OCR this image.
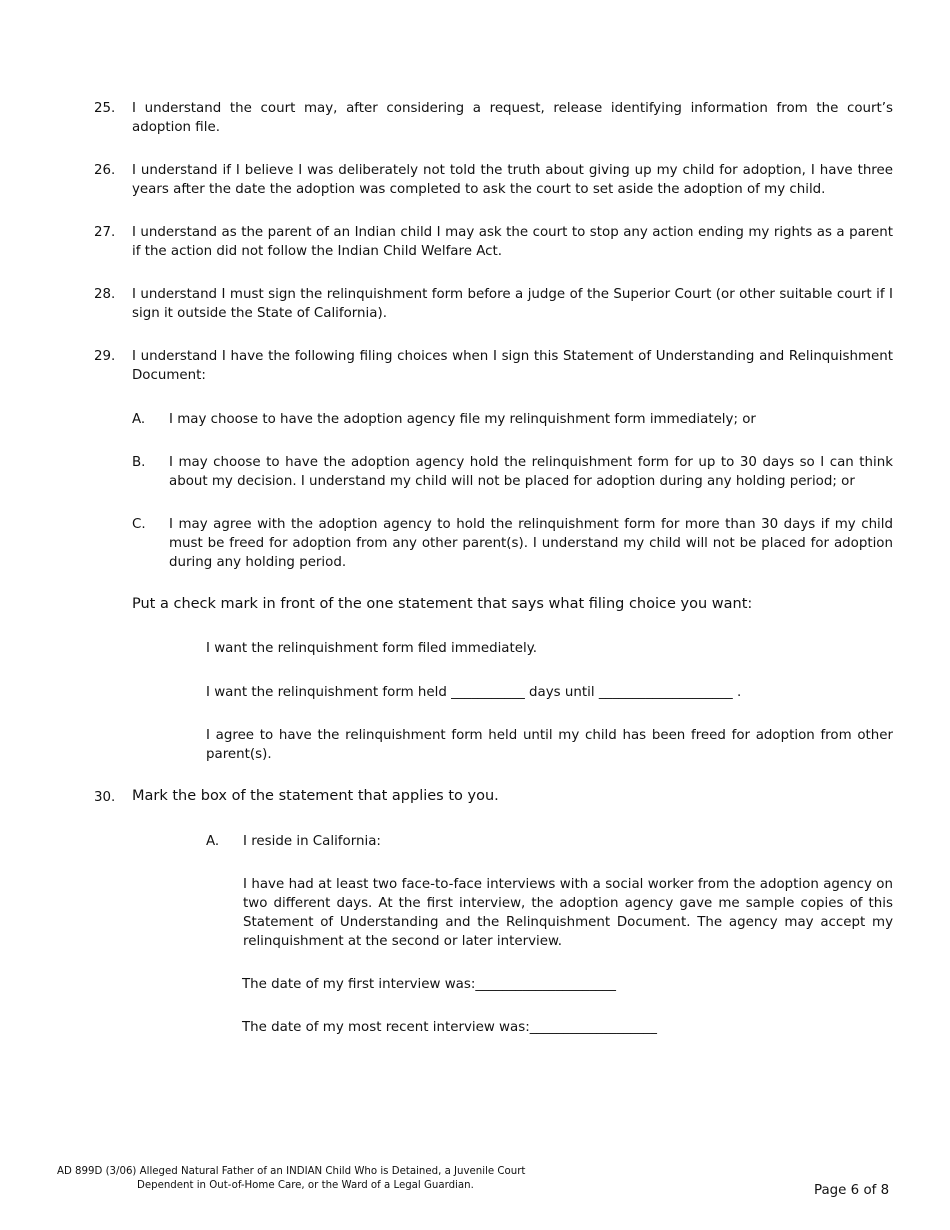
25. I understand the court may, after considering a request, release identifying information from the court’s adoption file.
26. I understand if I believe I was deliberately not told the truth about giving up my child for adoption, I have three years after the date the adoption was completed to ask the court to set aside the adoption of my child.
27. I understand as the parent of an Indian child I may ask the court to stop any action ending my rights as a parent if the action did not follow the Indian Child Welfare Act.
28. I understand I must sign the relinquishment form before a judge of the Superior Court (or other suitable court if I sign it outside the State of California).
29. I understand I have the following filing choices when I sign this Statement of Understanding and Relinquishment Document:
A. I may choose to have the adoption agency file my relinquishment form immediately; or
B. I may choose to have the adoption agency hold the relinquishment form for up to 30 days so I can think about my decision. I understand my child will not be placed for adoption during any holding period; or
C. I may agree with the adoption agency to hold the relinquishment form for more than 30 days if my child must be freed for adoption from any other parent(s). I understand my child will not be placed for adoption during any holding period.
Put a check mark in front of the one statement that says what filing choice you want:
I want the relinquishment form filed immediately.
I want the relinquishment form held ___________ days until ____________________ .
I agree to have the relinquishment form held until my child has been freed for adoption from other parent(s).
30. Mark the box of the statement that applies to you.
A. I reside in California:
I have had at least two face-to-face interviews with a social worker from the adoption agency on two different days. At the first interview, the adoption agency gave me sample copies of this Statement of Understanding and the Relinquishment Document. The agency may accept my relinquishment at the second or later interview.
The date of my first interview was:_____________________
The date of my most recent interview was:___________________
AD 899D (3/06) Alleged Natural Father of an INDIAN Child Who is Detained, a Juvenile Court
Dependent in Out-of-Home Care, or the Ward of a Legal Guardian.	Page 6 of 8
